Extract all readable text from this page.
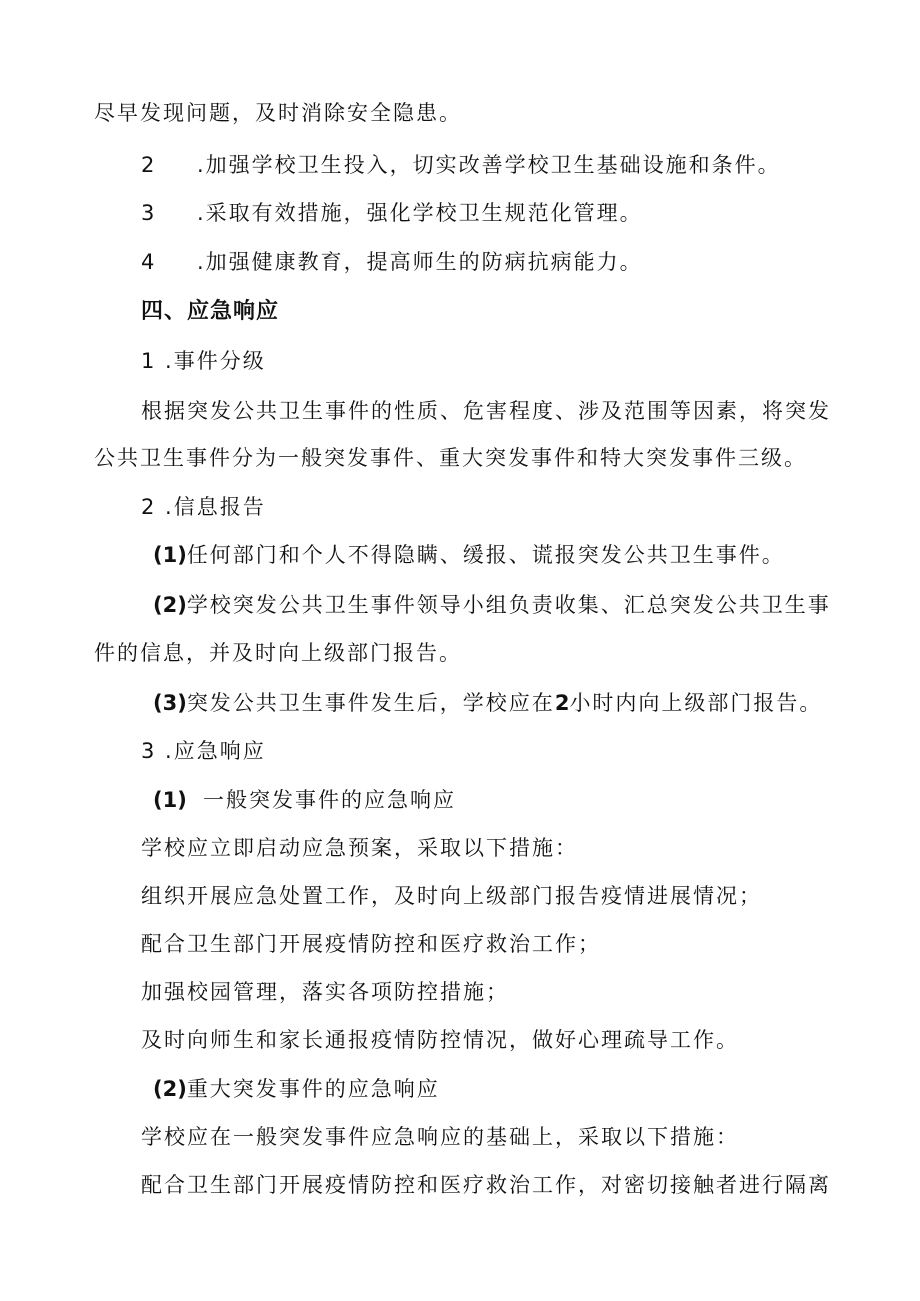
尽早发现问题，及时消除安全隐患。
2 .加强学校卫生投入，切实改善学校卫生基础设施和条件。
3 .采取有效措施，强化学校卫生规范化管理。
4 .加强健康教育，提高师生的防病抗病能力。
四、应急响应
1 .事件分级
根据突发公共卫生事件的性质、危害程度、涉及范围等因素，将突发
公共卫生事件分为一般突发事件、重大突发事件和特大突发事件三级。
2 .信息报告
(1)任何部门和个人不得隐瞒、缓报、谎报突发公共卫生事件。
(2)学校突发公共卫生事件领导小组负责收集、汇总突发公共卫生事
件的信息，并及时向上级部门报告。
(3)突发公共卫生事件发生后，学校应在2小时内向上级部门报告。
3 .应急响应
(1) 一般突发事件的应急响应
学校应立即启动应急预案，采取以下措施：
组织开展应急处置工作，及时向上级部门报告疫情进展情况；
配合卫生部门开展疫情防控和医疗救治工作；
加强校园管理，落实各项防控措施；
及时向师生和家长通报疫情防控情况，做好心理疏导工作。
(2)重大突发事件的应急响应
学校应在一般突发事件应急响应的基础上，采取以下措施：
配合卫生部门开展疫情防控和医疗救治工作，对密切接触者进行隔离
